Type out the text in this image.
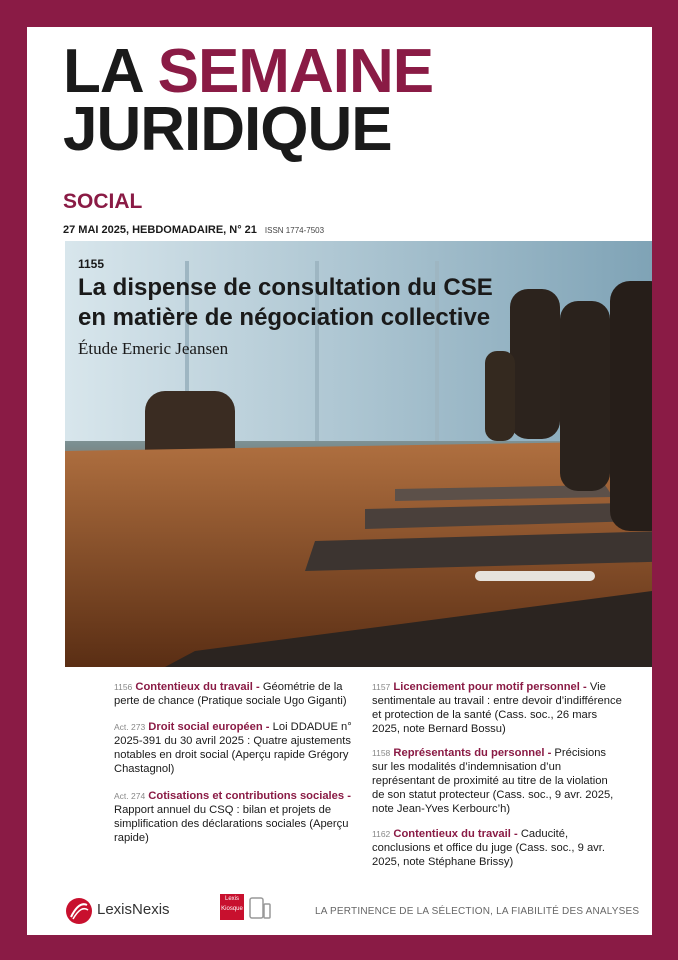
LA SEMAINE
JURIDIQUE
SOCIAL
27 MAI 2025, HEBDOMADAIRE, N° 21 ISSN 1774-7503
1155
La dispense de consultation du CSE
en matière de négociation collective
Étude Emeric Jeansen
1156 Contentieux du travail - Géométrie de la perte de chance (Pratique sociale Ugo Giganti)
Act. 273 Droit social européen - Loi DDADUE n° 2025-391 du 30 avril 2025 : Quatre ajustements notables en droit social (Aperçu rapide Grégory Chastagnol)
Act. 274 Cotisations et contributions sociales - Rapport annuel du CSQ : bilan et projets de simplification des déclarations sociales (Aperçu rapide)
1157 Licenciement pour motif personnel - Vie sentimentale au travail : entre devoir d’indifférence et protection de la santé (Cass. soc., 26 mars 2025, note Bernard Bossu)
1158 Représentants du personnel - Précisions sur les modalités d’indemnisation d’un représentant de proximité au titre de la violation de son statut protecteur (Cass. soc., 9 avr. 2025, note Jean-Yves Kerbourc’h)
1162 Contentieux du travail - Caducité, conclusions et office du juge (Cass. soc., 9 avr. 2025, note Stéphane Brissy)
LexisNexis
Lexis Kiosque	LA PERTINENCE DE LA SÉLECTION, LA FIABILITÉ DES ANALYSES
